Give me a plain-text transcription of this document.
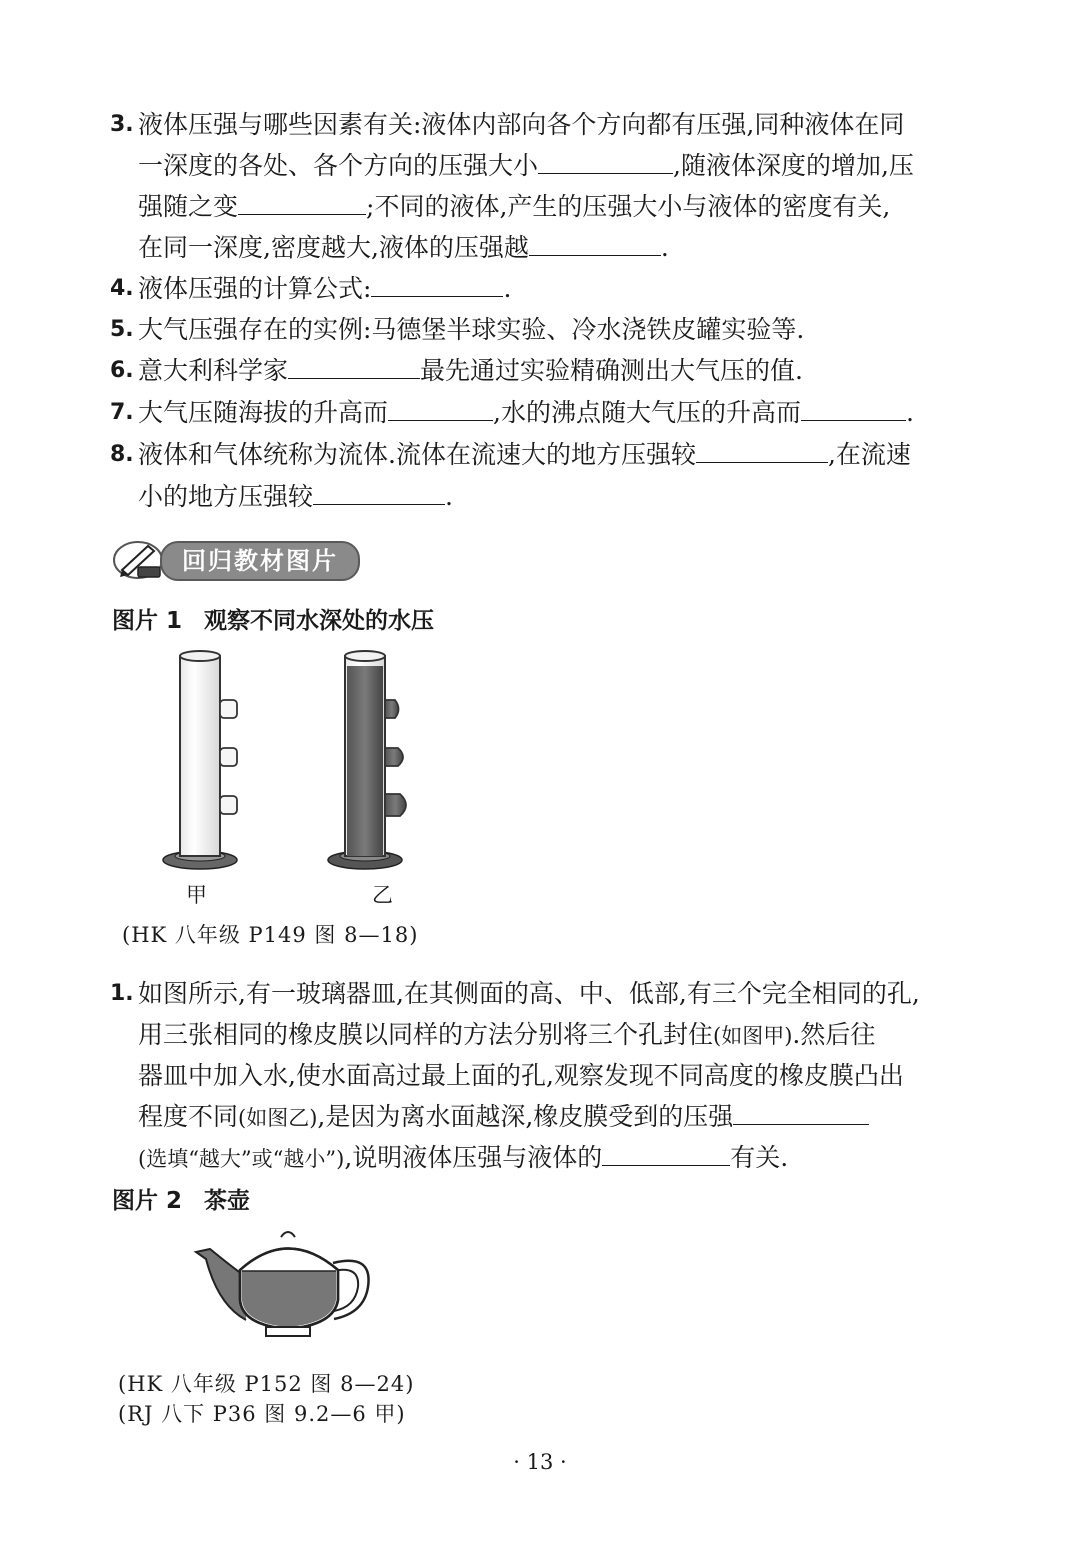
3. 液体压强与哪些因素有关:液体内部向各个方向都有压强,同种液体在同
一深度的各处、各个方向的压强大小	,随液体深度的增加,压
强随之变	;不同的液体,产生的压强大小与液体的密度有关,
在同一深度,密度越大,液体的压强越	.
4. 液体压强的计算公式:	.
5. 大气压强存在的实例:马德堡半球实验、冷水浇铁皮罐实验等.
6. 意大利科学家	最先通过实验精确测出大气压的值.
7. 大气压随海拔的升高而	,水的沸点随大气压的升高而	.
8. 液体和气体统称为流体.流体在流速大的地方压强较	,在流速
小的地方压强较	.
回归教材图片
图片 1 观察不同水深处的水压
甲	乙
(HK 八年级 P149 图 8—18)
1. 如图所示,有一玻璃器皿,在其侧面的高、中、低部,有三个完全相同的孔,
用三张相同的橡皮膜以同样的方法分别将三个孔封住(如图甲).然后往
器皿中加入水,使水面高过最上面的孔,观察发现不同高度的橡皮膜凸出
程度不同(如图乙),是因为离水面越深,橡皮膜受到的压强
(选填“越大”或“越小”),说明液体压强与液体的	有关.
图片 2 茶壶
(HK 八年级 P152 图 8—24)
(RJ 八下 P36 图 9.2—6 甲)
· 13 ·
